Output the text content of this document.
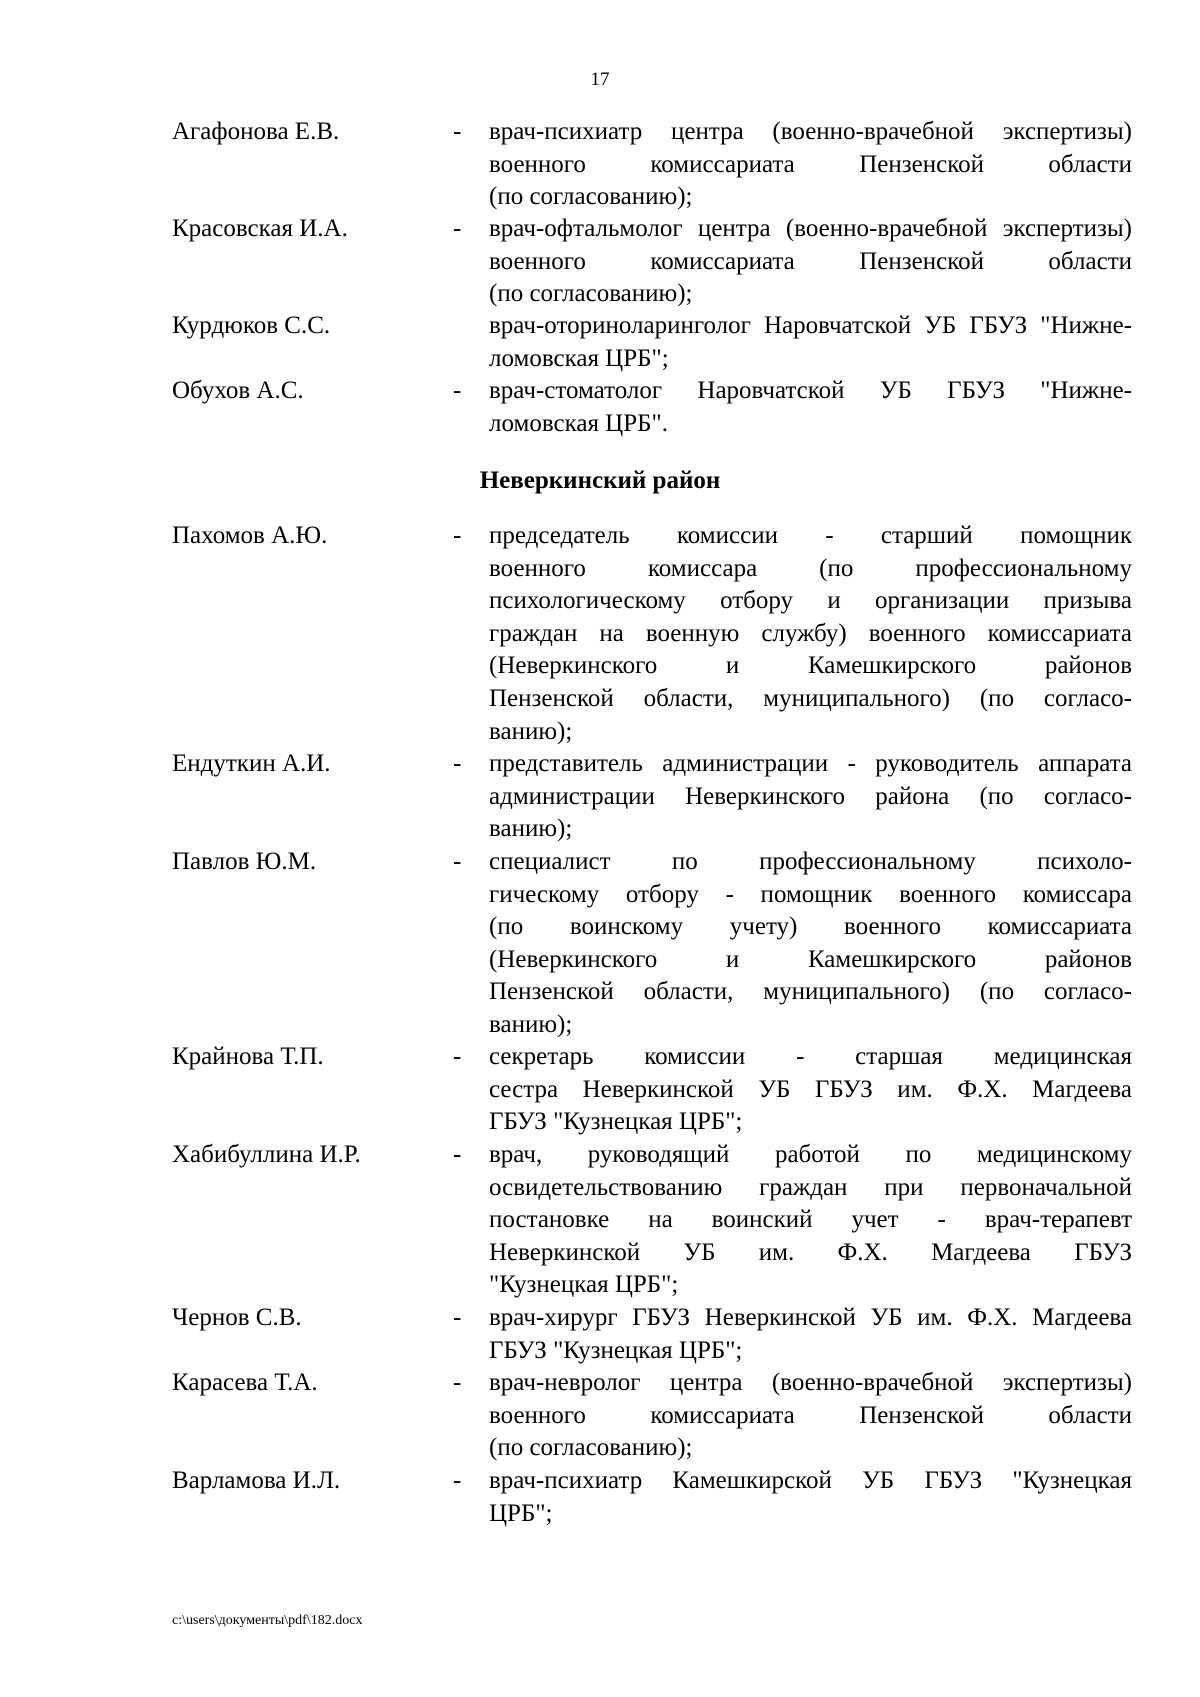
17
Агафонова Е.В.	- врач-психиатр центра (военно-врачебной экспертизы)
военного комиссариата Пензенской области
(по согласованию);
Красовская И.А.	- врач-офтальмолог центра (военно-врачебной экспертизы)
военного комиссариата Пензенской области
(по согласованию);
Курдюков С.С.	врач-оториноларинголог Наровчатской УБ ГБУЗ "Нижне-
ломовская ЦРБ";
Обухов А.С.	- врач-стоматолог Наровчатской УБ ГБУЗ "Нижне-
ломовская ЦРБ".
Неверкинский район
Пахомов А.Ю.	- председатель комиссии - старший помощник
военного комиссара (по профессиональному
психологическому отбору и организации призыва
граждан на военную службу) военного комиссариата
(Неверкинского и Камешкирского районов
Пензенской области, муниципального) (по согласо-
ванию);
Ендуткин А.И.	- представитель администрации - руководитель аппарата
администрации Неверкинского района (по согласо-
ванию);
Павлов Ю.М.	- специалист по профессиональному психоло-
гическому отбору - помощник военного комиссара
(по воинскому учету) военного комиссариата
(Неверкинского и Камешкирского районов
Пензенской области, муниципального) (по согласо-
ванию);
Крайнова Т.П.	- секретарь комиссии - старшая медицинская
сестра Неверкинской УБ ГБУЗ им. Ф.Х. Магдеева
ГБУЗ "Кузнецкая ЦРБ";
Хабибуллина И.Р.	- врач, руководящий работой по медицинскому
освидетельствованию граждан при первоначальной
постановке на воинский учет - врач-терапевт
Неверкинской УБ им. Ф.Х. Магдеева ГБУЗ
"Кузнецкая ЦРБ";
Чернов С.В.	- врач-хирург ГБУЗ Неверкинской УБ им. Ф.Х. Магдеева
ГБУЗ "Кузнецкая ЦРБ";
Карасева Т.А.	- врач-невролог центра (военно-врачебной экспертизы)
военного комиссариата Пензенской области
(по согласованию);
Варламова И.Л.	- врач-психиатр Камешкирской УБ ГБУЗ "Кузнецкая
ЦРБ";
c:\users\документы\pdf\182.docx
